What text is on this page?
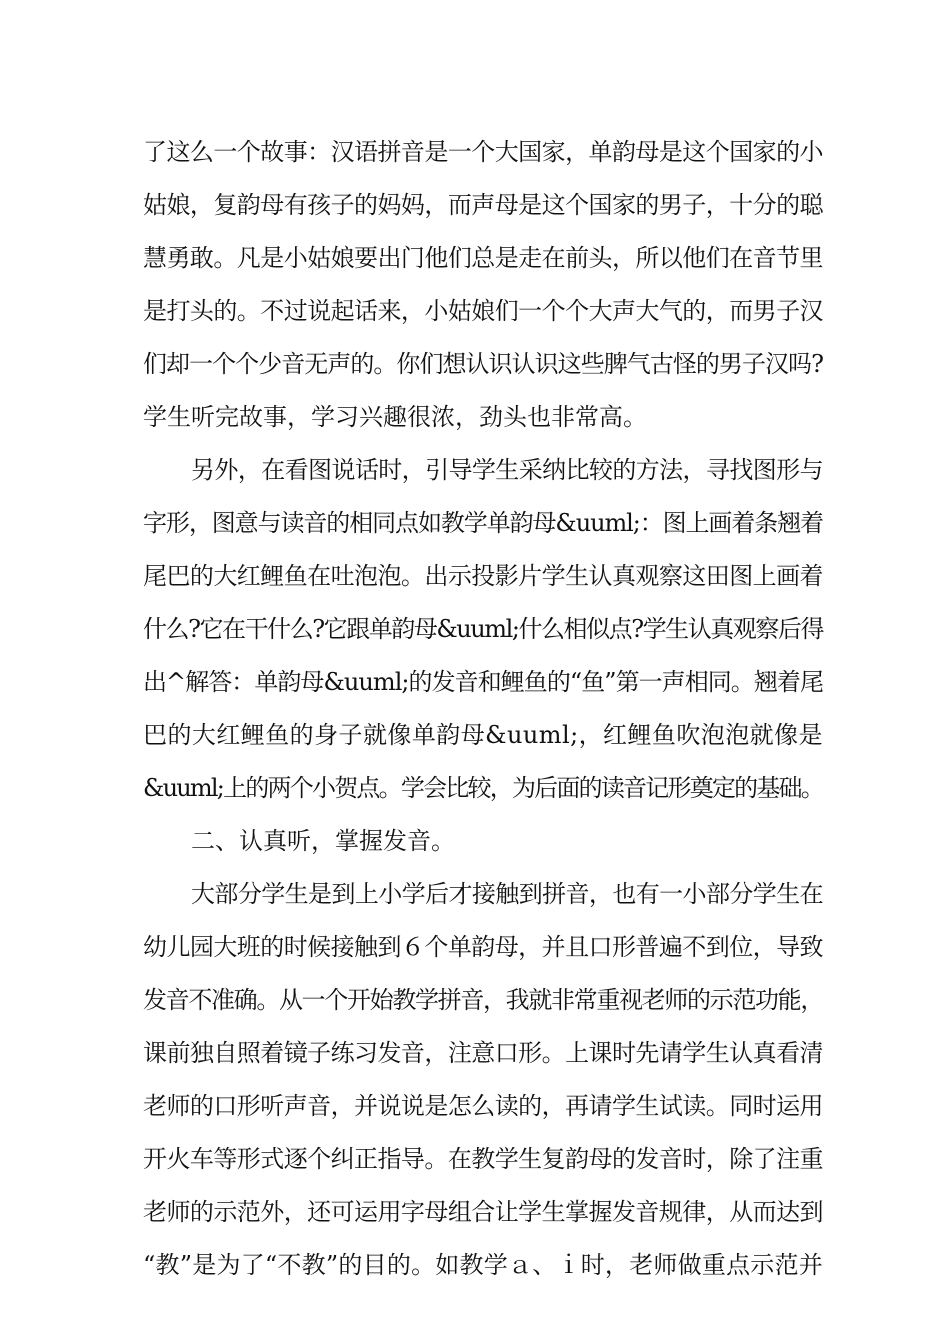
了这么一个故事：汉语拼音是一个大国家，单韵母是这个国家的小
姑娘，复韵母有孩子的妈妈，而声母是这个国家的男子，十分的聪
慧勇敢。凡是小姑娘要出门他们总是走在前头，所以他们在音节里
是打头的。不过说起话来，小姑娘们一个个大声大气的，而男子汉
们却一个个少音无声的。你们想认识认识这些脾气古怪的男子汉吗?
学生听完故事，学习兴趣很浓，劲头也非常高。
另外，在看图说话时，引导学生采纳比较的方法，寻找图形与
字形，图意与读音的相同点如教学单韵母&uuml;：图上画着条翘着
尾巴的大红鲤鱼在吐泡泡。出示投影片学生认真观察这田图上画着
什么?它在干什么?它跟单韵母&uuml;什么相似点?学生认真观察后得
出^解答：单韵母&uuml;的发音和鲤鱼的“鱼”第一声相同。翘着尾
巴的大红鲤鱼的身子就像单韵母&uuml;，红鲤鱼吹泡泡就像是
&uuml;上的两个小贺点。学会比较，为后面的读音记形奠定的基础。
二、认真听，掌握发音。
大部分学生是到上小学后才接触到拼音，也有一小部分学生在
幼儿园大班的时候接触到６个单韵母，并且口形普遍不到位，导致
发音不准确。从一个开始教学拼音，我就非常重视老师的示范功能，
课前独自照着镜子练习发音，注意口形。上课时先请学生认真看清
老师的口形听声音，并说说是怎么读的，再请学生试读。同时运用
开火车等形式逐个纠正指导。在教学生复韵母的发音时，除了注重
老师的示范外，还可运用字母组合让学生掌握发音规律，从而达到
“教”是为了“不教”的目的。如教学ａ、ｉ时，老师做重点示范并
